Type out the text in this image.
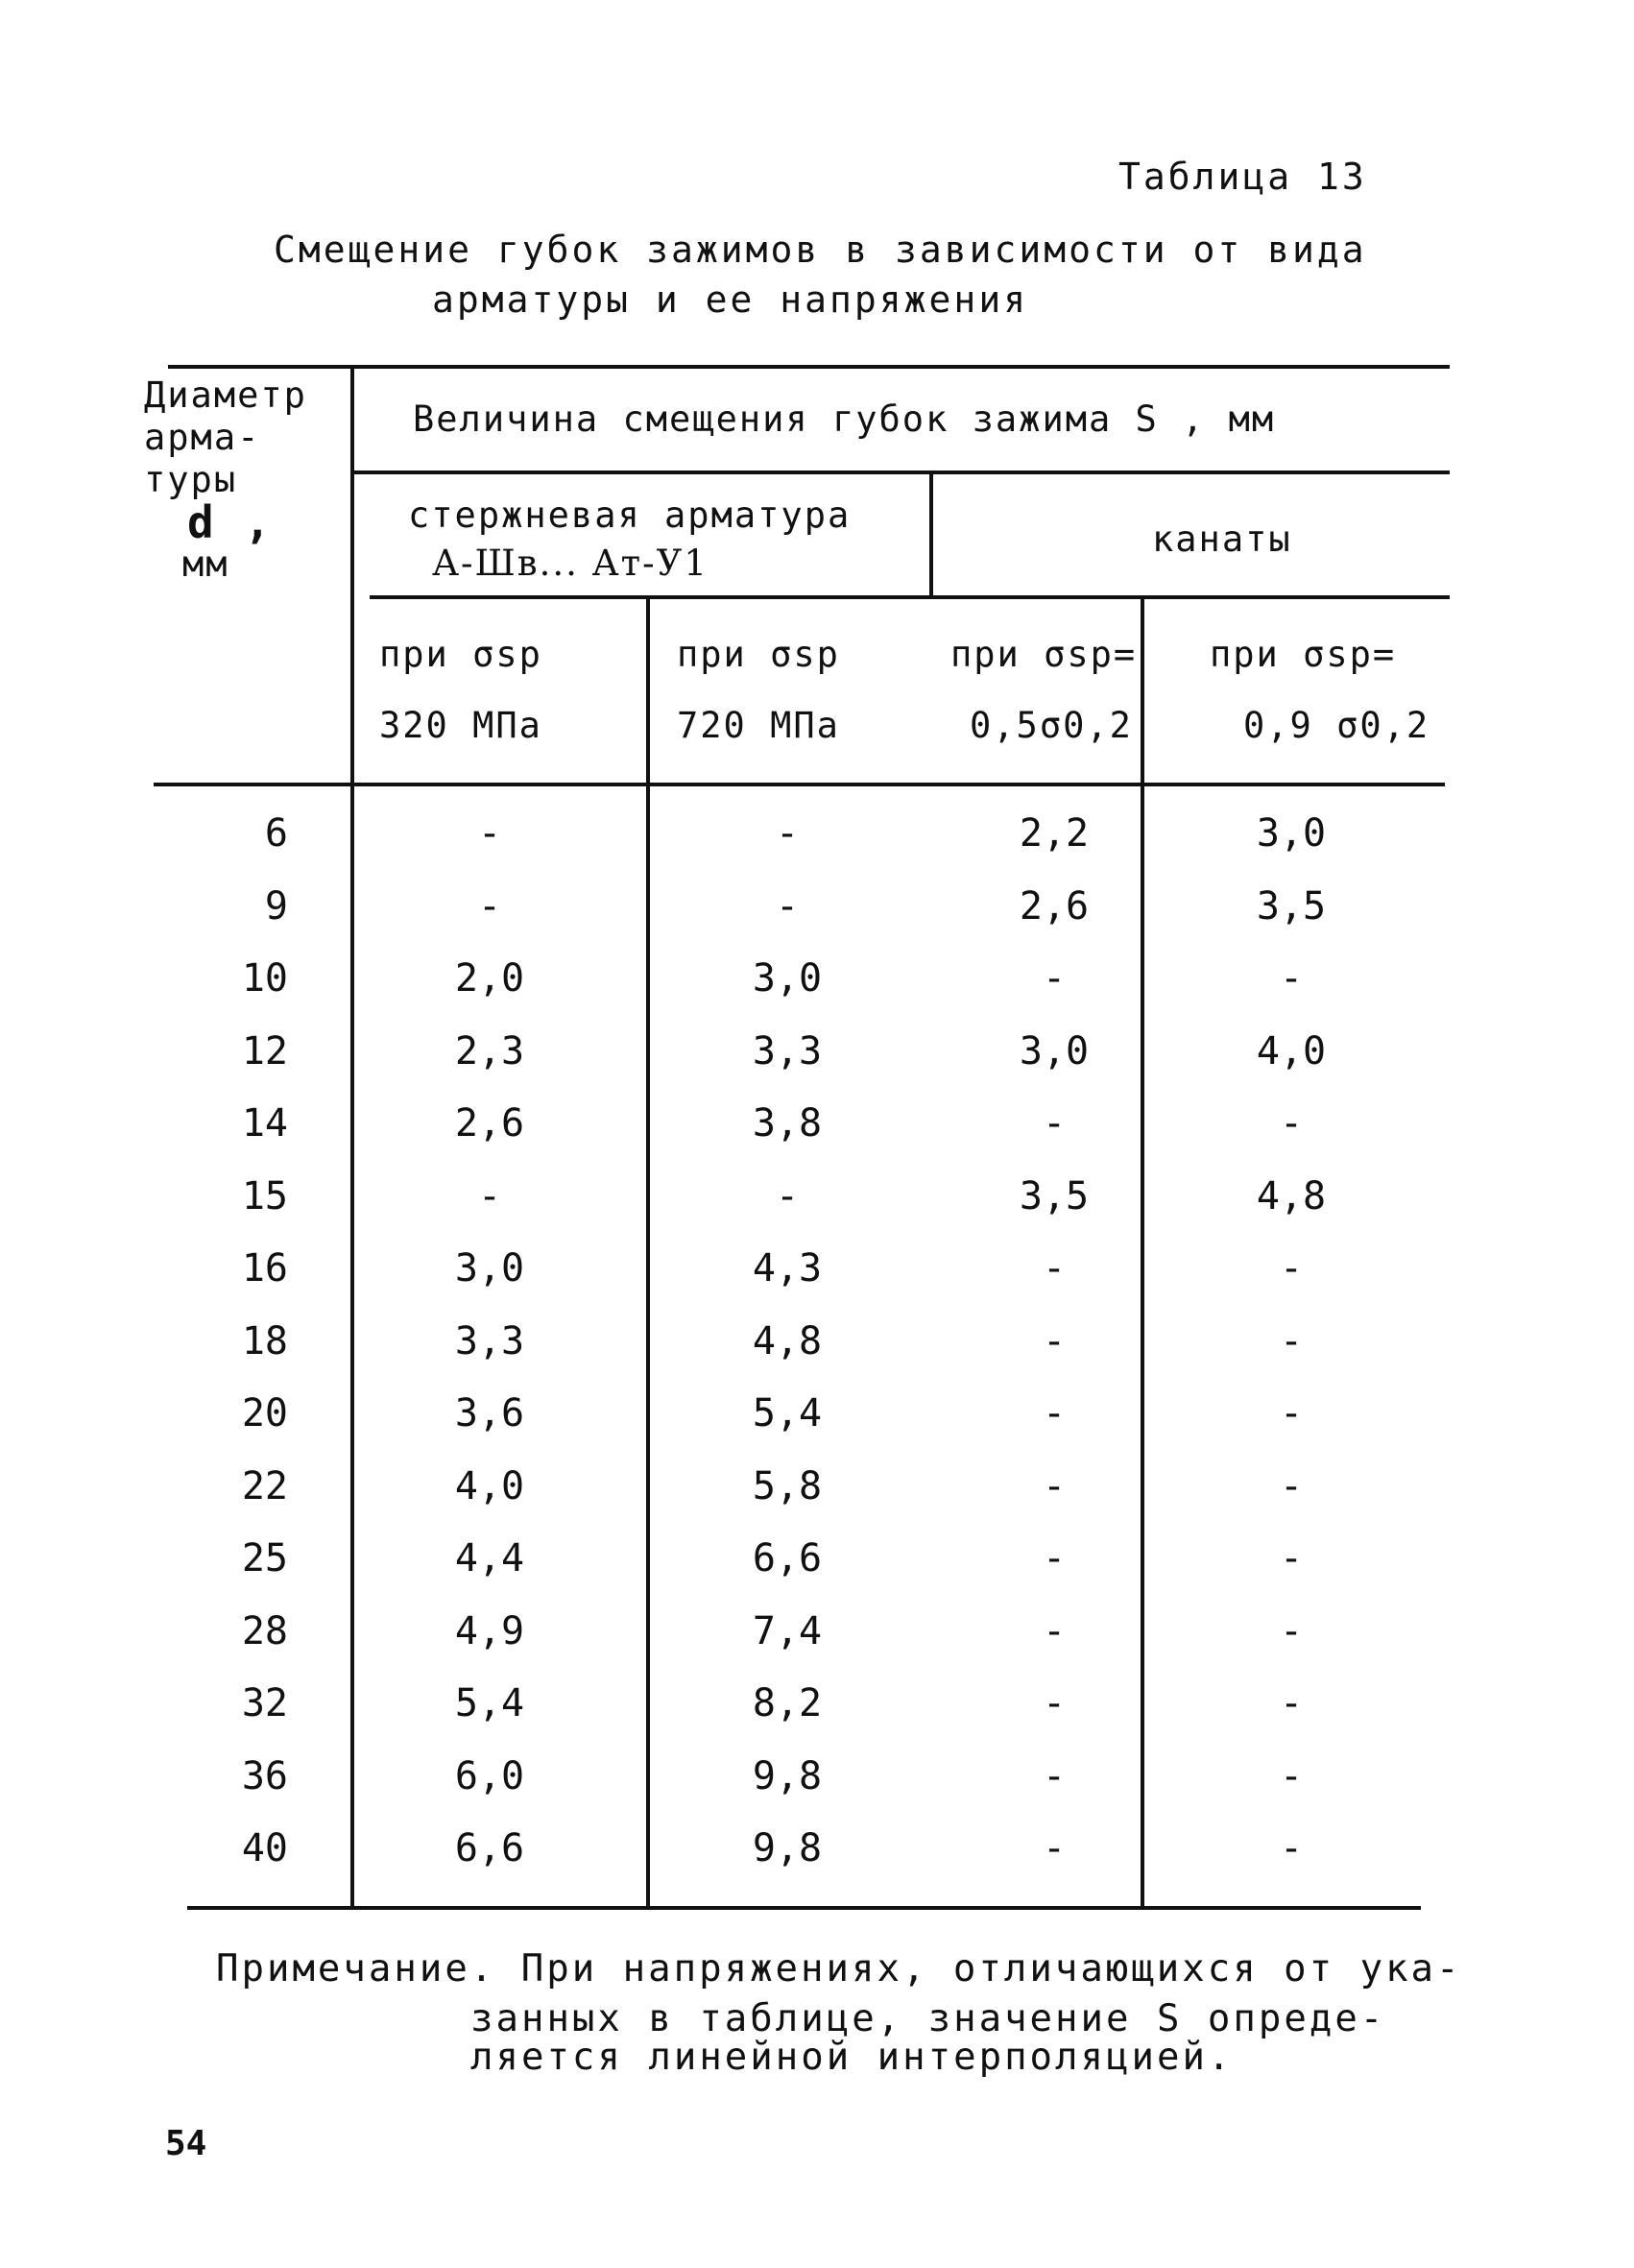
Таблица 13
Смещение губок зажимов в зависимости от вида
арматуры и ее напряжения
Диаметр
арма-
туры
d ,
мм
Величина смещения губок зажима S , мм
стержневая арматура
А-Шв... Ат-У1
канаты
при σsp
320 МПа
при σsp
720 МПа
при σsp=
0,5σ0,2
при σsp=
0,9 σ0,2
6	-	-	2,2	3,0
9	-	-	2,6	3,5
10	2,0	3,0	-	-
12	2,3	3,3	3,0	4,0
14	2,6	3,8	-	-
15	-	-	3,5	4,8
16	3,0	4,3	-	-
18	3,3	4,8	-	-
20	3,6	5,4	-	-
22	4,0	5,8	-	-
25	4,4	6,6	-	-
28	4,9	7,4	-	-
32	5,4	8,2	-	-
36	6,0	9,8	-	-
40	6,6	9,8	-	-
Примечание. При напряжениях, отличающихся от ука-
занных в таблице, значение S опреде-
ляется линейной интерполяцией.
54
